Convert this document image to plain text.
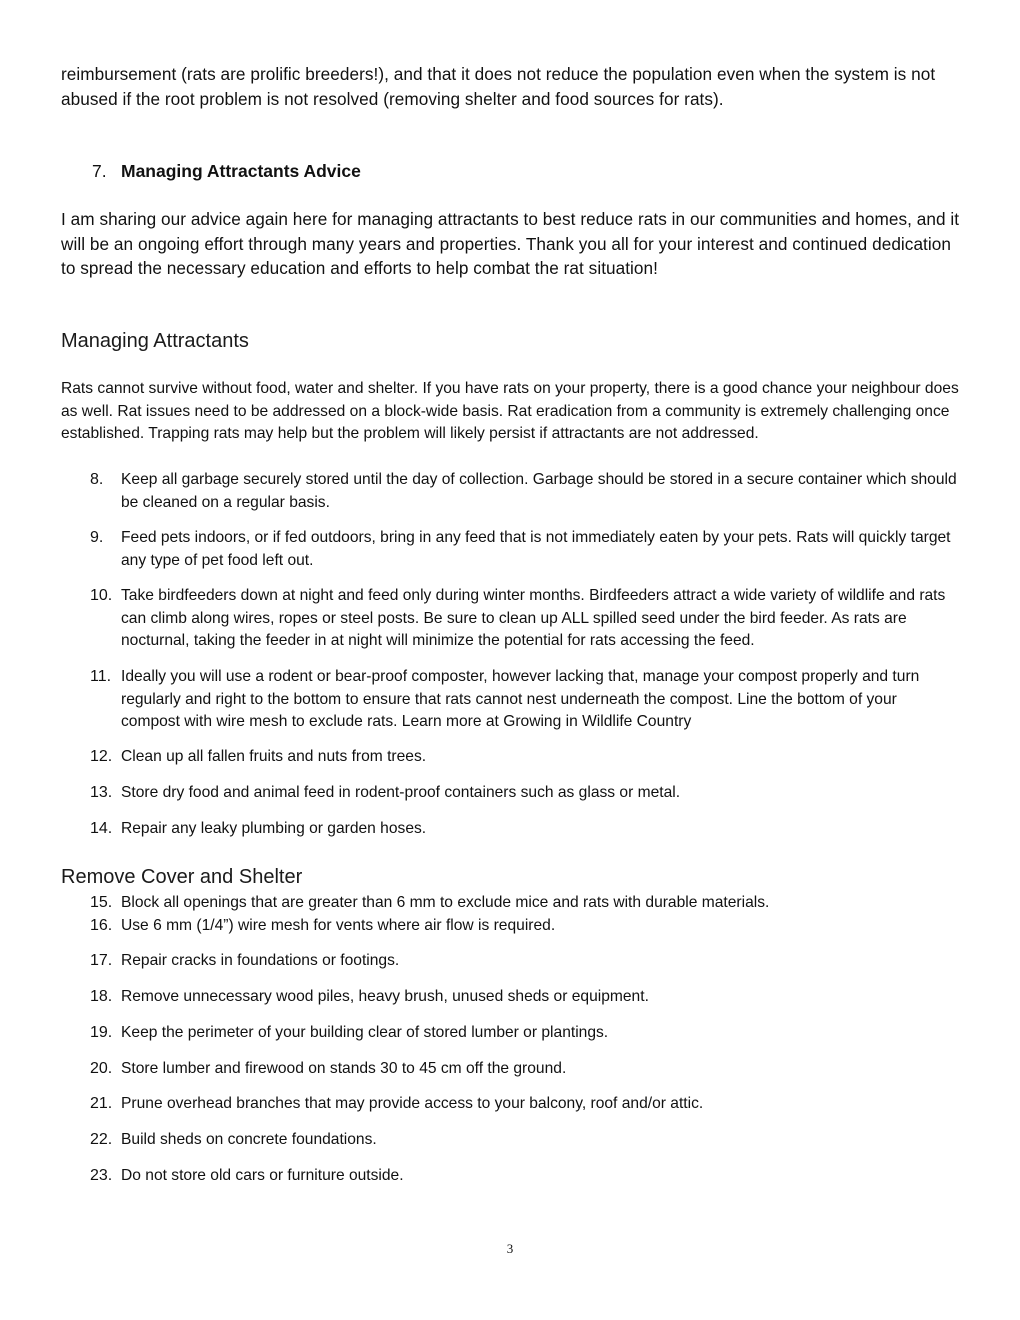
reimbursement (rats are prolific breeders!), and that it does not reduce the population even when the system is not abused if the root problem is not resolved (removing shelter and food sources for rats).
7. Managing Attractants Advice
I am sharing our advice again here for managing attractants to best reduce rats in our communities and homes, and it will be an ongoing effort through many years and properties. Thank you all for your interest and continued dedication to spread the necessary education and efforts to help combat the rat situation!
Managing Attractants
Rats cannot survive without food, water and shelter. If you have rats on your property, there is a good chance your neighbour does as well. Rat issues need to be addressed on a block-wide basis. Rat eradication from a community is extremely challenging once established. Trapping rats may help but the problem will likely persist if attractants are not addressed.
8.	Keep all garbage securely stored until the day of collection. Garbage should be stored in a secure container which should be cleaned on a regular basis.
9.	Feed pets indoors, or if fed outdoors, bring in any feed that is not immediately eaten by your pets. Rats will quickly target any type of pet food left out.
10. Take birdfeeders down at night and feed only during winter months. Birdfeeders attract a wide variety of wildlife and rats can climb along wires, ropes or steel posts. Be sure to clean up ALL spilled seed under the bird feeder. As rats are nocturnal, taking the feeder in at night will minimize the potential for rats accessing the feed.
11. Ideally you will use a rodent or bear-proof composter, however lacking that, manage your compost properly and turn regularly and right to the bottom to ensure that rats cannot nest underneath the compost. Line the bottom of your compost with wire mesh to exclude rats. Learn more at Growing in Wildlife Country
12. Clean up all fallen fruits and nuts from trees.
13. Store dry food and animal feed in rodent-proof containers such as glass or metal.
14. Repair any leaky plumbing or garden hoses.
Remove Cover and Shelter
15. Block all openings that are greater than 6 mm to exclude mice and rats with durable materials.
16. Use 6 mm (1/4”) wire mesh for vents where air flow is required.
17. Repair cracks in foundations or footings.
18. Remove unnecessary wood piles, heavy brush, unused sheds or equipment.
19. Keep the perimeter of your building clear of stored lumber or plantings.
20. Store lumber and firewood on stands 30 to 45 cm off the ground.
21. Prune overhead branches that may provide access to your balcony, roof and/or attic.
22. Build sheds on concrete foundations.
23. Do not store old cars or furniture outside.
3
